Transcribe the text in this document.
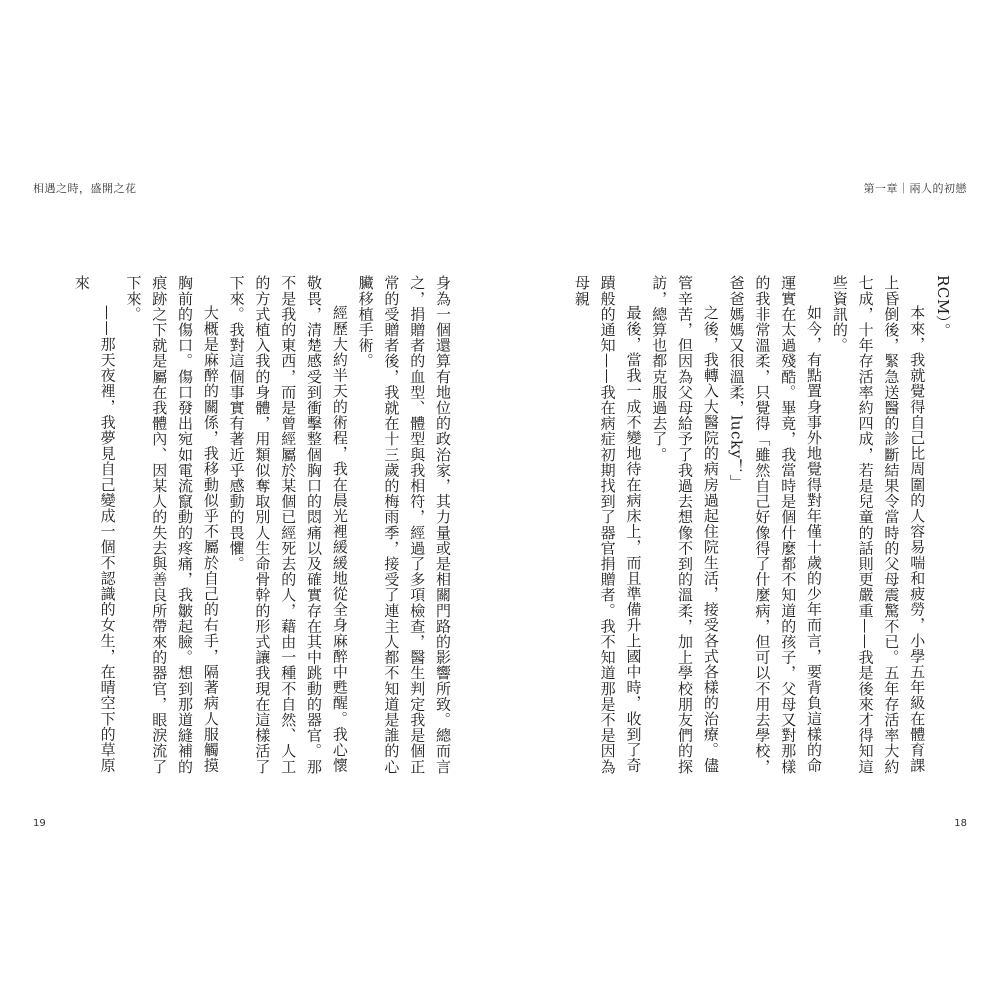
相遇之時，盛開之花

身為一個還算有地位的政治家，其力量或是相關門路的影響所致。總而言之，捐贈者的血型、體型與我相符，經過了多項檢查，醫生判定我是個正常的受贈者後，我就在十三歲的梅雨季，接受了連主人都不知道是誰的心臟移植手術。

經歷大約半天的術程，我在晨光裡緩緩地從全身麻醉中甦醒。我心懷敬畏，清楚感受到衝擊整個胸口的悶痛以及確實存在其中跳動的器官。那不是我的東西，而是曾經屬於某個已經死去的人，藉由一種不自然、人工的方式植入我的身體，用類似奪取別人生命骨幹的形式讓我現在這樣活了下來。我對這個事實有著近乎感動的畏懼。

大概是麻醉的關係，我移動似乎不屬於自己的右手，隔著病人服觸摸胸前的傷口。傷口發出宛如電流竄動的疼痛，我皺起臉。想到那道縫補的痕跡之下就是屬在我體內、因某人的失去與善良所帶來的器官，眼淚流了下來。

——那天夜裡，我夢見自己變成一個不認識的女生，在晴空下的草原來

19
第一章｜兩人的初戀

RCM）。

本來，我就覺得自己比周圍的人容易喘和疲勞，小學五年級在體育課上昏倒後，緊急送醫的診斷結果令當時的父母震驚不已。五年存活率大約七成，十年存活率約四成，若是兒童的話則更嚴重——我是後來才得知這些資訊的。

如今，有點置身事外地覺得對年僅十歲的少年而言，要背負這樣的命運實在太過殘酷。畢竟，我當時是個什麼都不知道的孩子，父母又對那樣的我非常溫柔，只覺得「雖然自己好像得了什麼病，但可以不用去學校，爸爸媽媽又很溫柔，lucky！」

之後，我轉入大醫院的病房過起住院生活，接受各式各樣的治療。儘管辛苦，但因為父母給予了我過去想像不到的溫柔，加上學校朋友們的探訪，總算也都克服過去了。

最後，當我一成不變地待在病床上，而且準備升上國中時，收到了奇蹟般的通知——我在病症初期找到了器官捐贈者。我不知道那是不是因為母親

18
